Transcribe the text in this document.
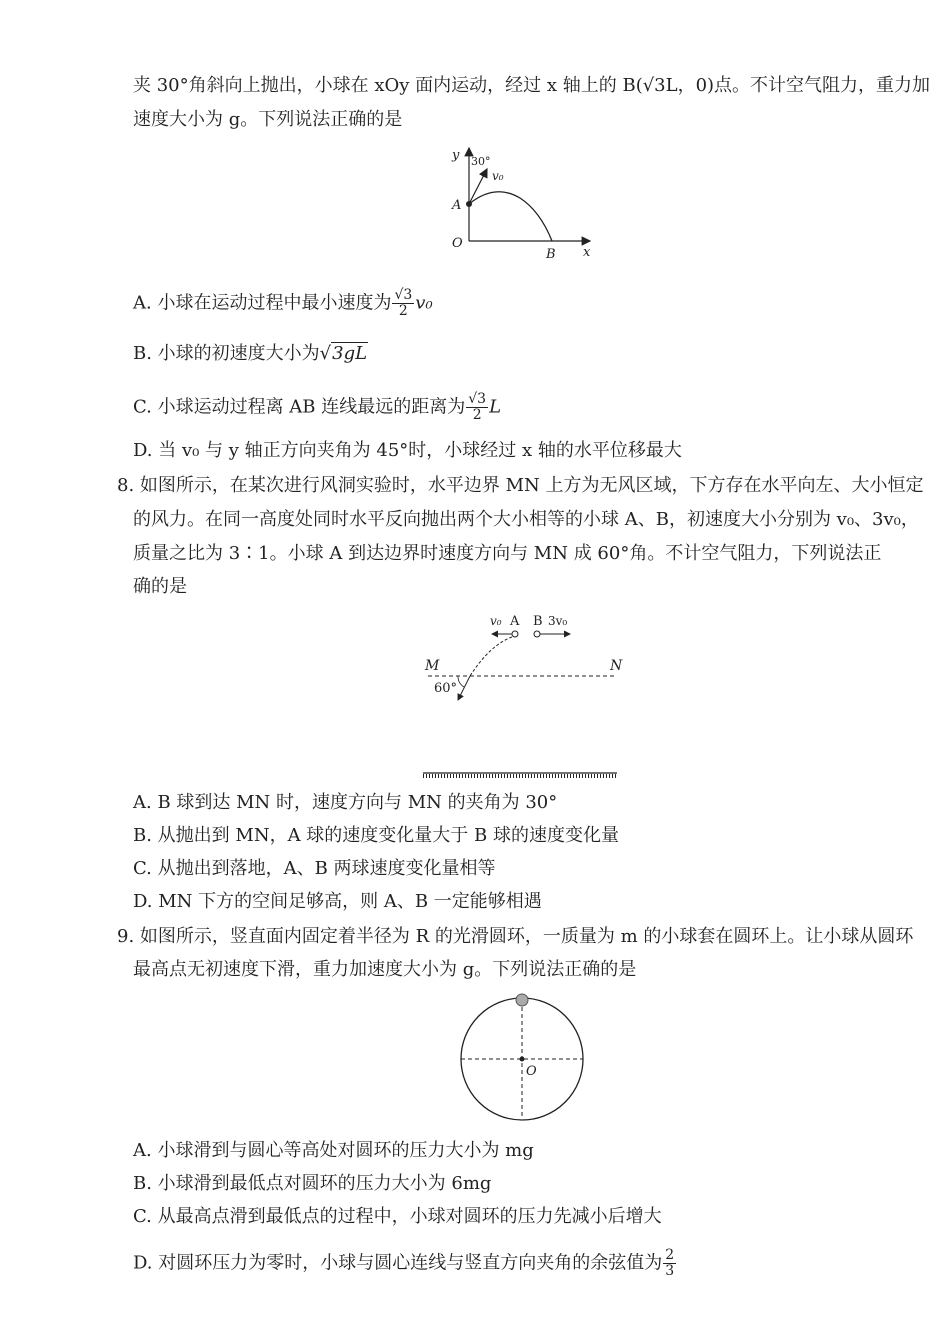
夹 30°角斜向上抛出，小球在 xOy 面内运动，经过 x 轴上的 B(√3L，0)点。不计空气阻力，重力加
速度大小为 g。下列说法正确的是
y 30°
v₀
A
O
B x
A. 小球在运动过程中最小速度为 $\frac{√3}{2} v_0$
B. 小球的初速度大小为√3gL
C. 小球运动过程离 AB 连线最远的距离为 $\frac{√3}{2}$ L
D. 当 v₀ 与 y 轴正方向夹角为 45°时，小球经过 x 轴的水平位移最大
8. 如图所示，在某次进行风洞实验时，水平边界 MN 上方为无风区域，下方存在水平向左、大小恒定
的风力。在同一高度处同时水平反向抛出两个大小相等的小球 A、B，初速度大小分别为 v₀、3v₀，
质量之比为 3∶1。小球 A 到达边界时速度方向与 MN 成 60°角。不计空气阻力，下列说法正
确的是
v₀ A B 3v₀
M	N
60°
A. B 球到达 MN 时，速度方向与 MN 的夹角为 30°
B. 从抛出到 MN，A 球的速度变化量大于 B 球的速度变化量
C. 从抛出到落地，A、B 两球速度变化量相等
D. MN 下方的空间足够高，则 A、B 一定能够相遇
9. 如图所示，竖直面内固定着半径为 R 的光滑圆环，一质量为 m 的小球套在圆环上。让小球从圆环
最高点无初速度下滑，重力加速度大小为 g。下列说法正确的是
O
A. 小球滑到与圆心等高处对圆环的压力大小为 mg
B. 小球滑到最低点对圆环的压力大小为 6mg
C. 从最高点滑到最低点的过程中，小球对圆环的压力先减小后增大
D. 对圆环压力为零时，小球与圆心连线与竖直方向夹角的余弦值为 $\frac{2}{3}$
